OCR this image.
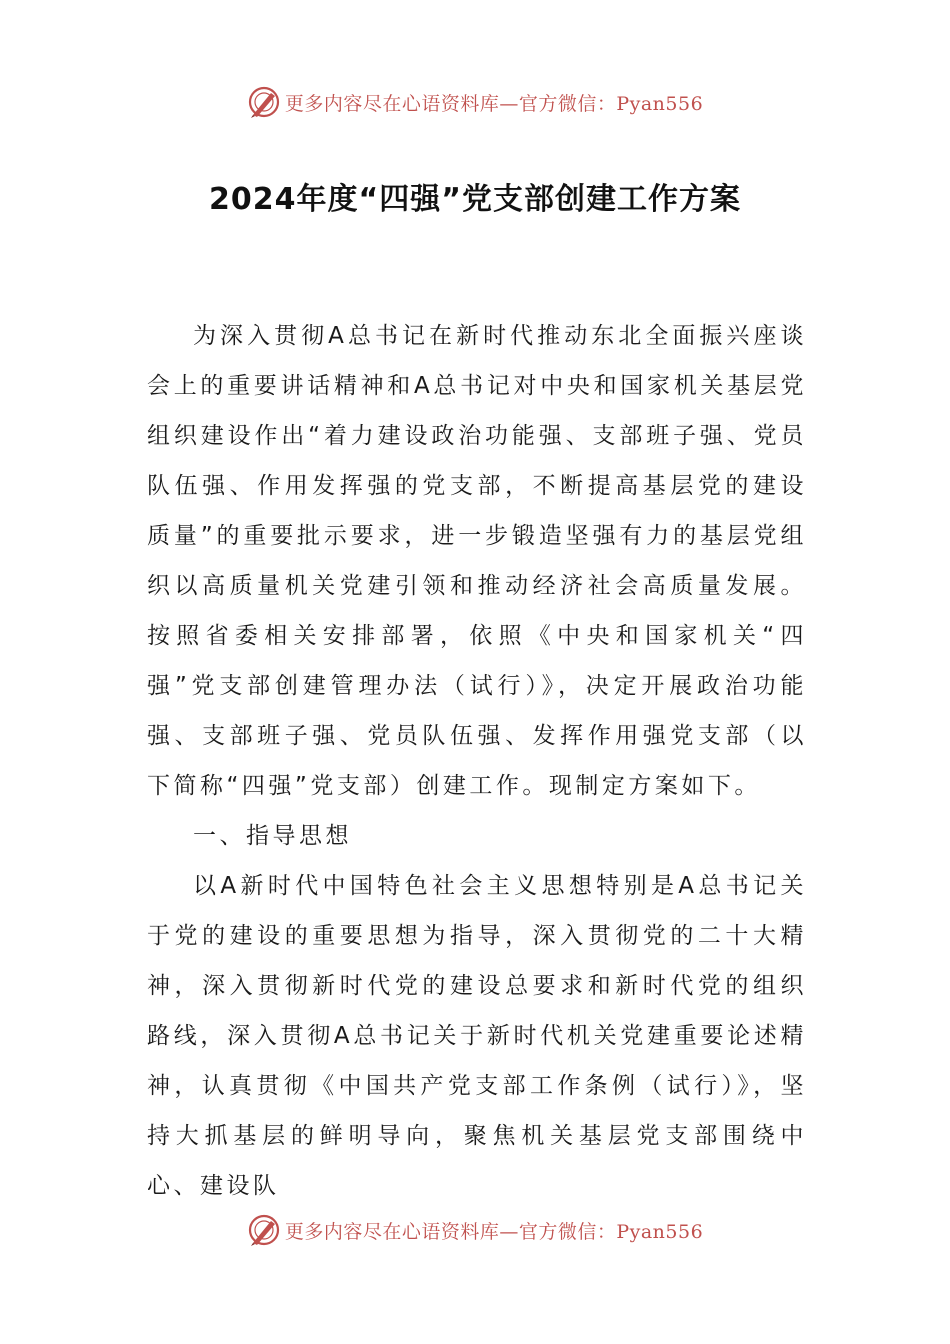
更多内容尽在心语资料库—官方微信：Pyan556
2024年度“四强”党支部创建工作方案

为深入贯彻A总书记在新时代推动东北全面振兴座谈会上的重要讲话精神和A总书记对中央和国家机关基层党组织建设作出“着力建设政治功能强、支部班子强、党员队伍强、作用发挥强的党支部，不断提高基层党的建设质量”的重要批示要求，进一步锻造坚强有力的基层党组织以高质量机关党建引领和推动经济社会高质量发展。按照省委相关安排部署，依照《中央和国家机关“四强”党支部创建管理办法（试行）》，决定开展政治功能强、支部班子强、党员队伍强、发挥作用强党支部（以下简称“四强”党支部）创建工作。现制定方案如下。

一、指导思想

以A新时代中国特色社会主义思想特别是A总书记关于党的建设的重要思想为指导，深入贯彻党的二十大精神，深入贯彻新时代党的建设总要求和新时代党的组织路线，深入贯彻A总书记关于新时代机关党建重要论述精神，认真贯彻《中国共产党支部工作条例（试行）》，坚持大抓基层的鲜明导向，聚焦机关基层党支部围绕中心、建设队

更多内容尽在心语资料库—官方微信：Pyan556
